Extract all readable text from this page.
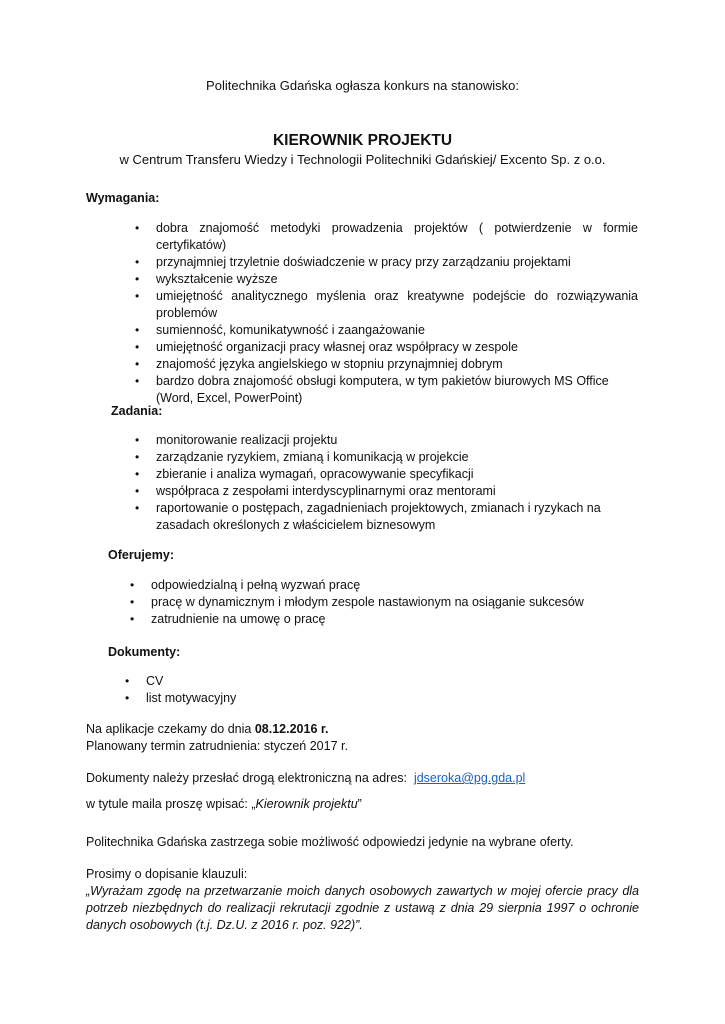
Politechnika Gdańska ogłasza konkurs na stanowisko:
KIEROWNIK PROJEKTU
w Centrum Transferu Wiedzy i Technologii Politechniki Gdańskiej/ Excento Sp. z o.o.
Wymagania:
• dobra znajomość metodyki prowadzenia projektów ( potwierdzenie w formie certyfikatów)
• przynajmniej trzyletnie doświadczenie w pracy przy zarządzaniu projektami
• wykształcenie wyższe
• umiejętność analitycznego myślenia oraz kreatywne podejście do rozwiązywania problemów
• sumienność, komunikatywność i zaangażowanie
• umiejętność organizacji pracy własnej oraz współpracy w zespole
• znajomość języka angielskiego w stopniu przynajmniej dobrym
• bardzo dobra znajomość obsługi komputera, w tym pakietów biurowych MS Office (Word, Excel, PowerPoint)
Zadania:
• monitorowanie realizacji projektu
• zarządzanie ryzykiem, zmianą i komunikacją w projekcie
• zbieranie i analiza wymagań, opracowywanie specyfikacji
• współpraca z zespołami interdyscyplinarnymi oraz mentorami
• raportowanie o postępach, zagadnieniach projektowych, zmianach i ryzykach na zasadach określonych z właścicielem biznesowym
Oferujemy:
• odpowiedzialną i pełną wyzwań pracę
• pracę w dynamicznym i młodym zespole nastawionym na osiąganie sukcesów
• zatrudnienie na umowę o pracę
Dokumenty:
• CV
• list motywacyjny
Na aplikacje czekamy do dnia 08.12.2016 r.
Planowany termin zatrudnienia: styczeń 2017 r.
Dokumenty należy przesłać drogą elektroniczną na adres:  jdseroka@pg.gda.pl
w tytule maila proszę wpisać: „Kierownik projektu”
Politechnika Gdańska zastrzega sobie możliwość odpowiedzi jedynie na wybrane oferty.
Prosimy o dopisanie klauzuli:
„Wyrażam zgodę na przetwarzanie moich danych osobowych zawartych w mojej ofercie pracy dla potrzeb niezbędnych do realizacji rekrutacji zgodnie z ustawą z dnia 29 sierpnia 1997 o ochronie danych osobowych (t.j. Dz.U. z 2016 r. poz. 922)”.
